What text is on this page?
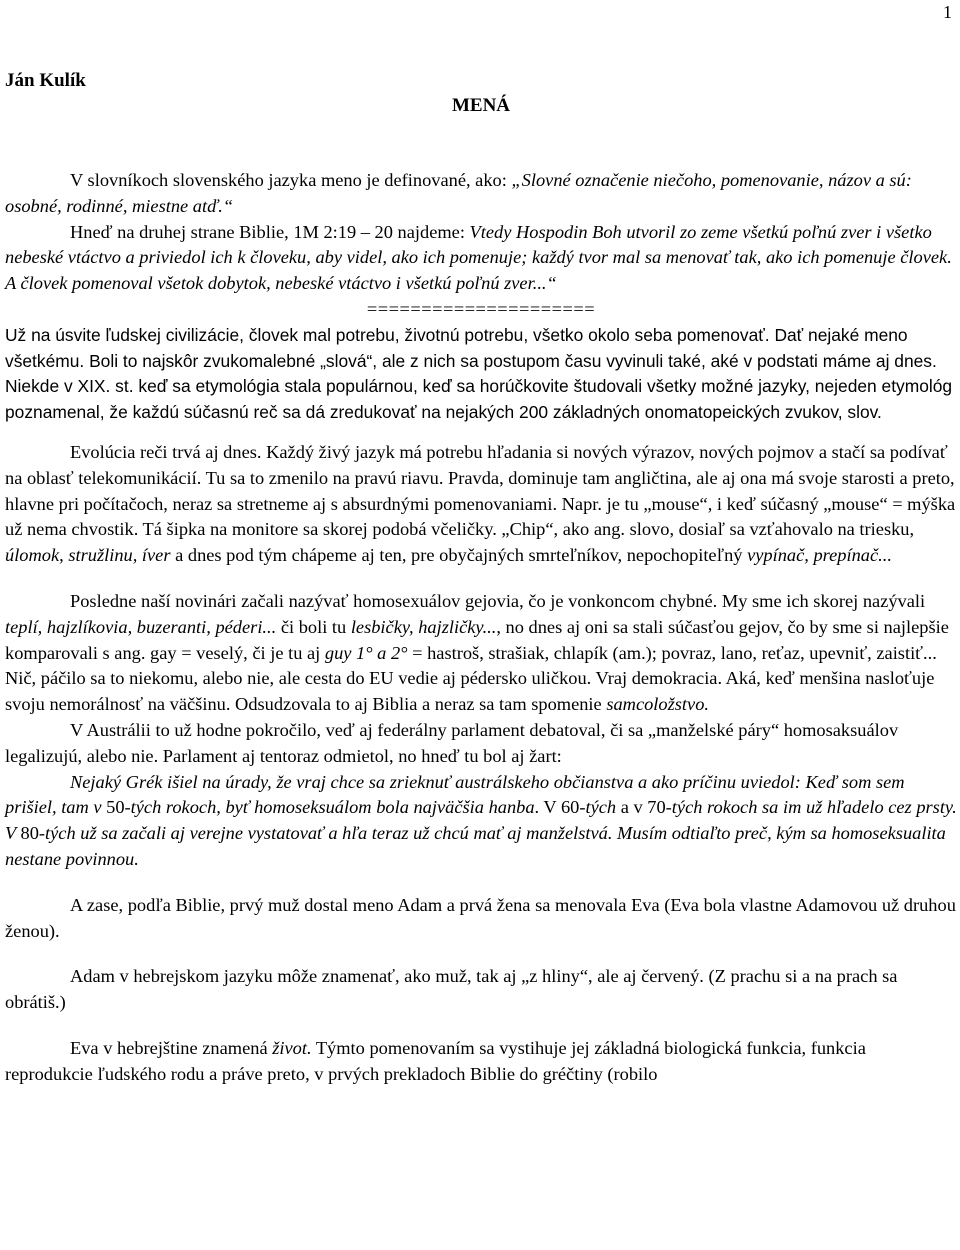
1
Ján Kulík
MENÁ

V slovníkoch slovenského jazyka meno je definované, ako: „Slovné označenie niečoho, pomenovanie, názov a sú: osobné, rodinné, miestne atď.“

Hneď na druhej strane Biblie, 1M 2:19 – 20 najdeme: Vtedy Hospodin Boh utvoril zo zeme všetkú poľnú zver i všetko nebeské vtáctvo a priviedol ich k človeku, aby videl, ako ich pomenuje; každý tvor mal sa menovať tak, ako ich pomenuje človek. A človek pomenoval všetok dobytok, nebeské vtáctvo i všetkú poľnú zver...“

=====================

Už na úsvite ľudskej civilizácie, človek mal potrebu, životnú potrebu, všetko okolo seba pomenovať. Dať nejaké meno všetkému. Boli to najskôr zvukomalebné „slová“, ale z nich sa postupom času vyvinuli také, aké v podstati máme aj dnes. Niekde v XIX. st. keď sa etymológia stala populárnou, keď sa horúčkovite študovali všetky možné jazyky, nejeden etymológ poznamenal, že každú súčasnú reč sa dá zredukovať na nejakých 200 základných onomatopeických zvukov, slov.

Evolúcia reči trvá aj dnes. Každý živý jazyk má potrebu hľadania si nových výrazov, nových pojmov a stačí sa podívať na oblasť telekomunikácií. Tu sa to zmenilo na pravú riavu. Pravda, dominuje tam angličtina, ale aj ona má svoje starosti a preto, hlavne pri počítačoch, neraz sa stretneme aj s absurdnými pomenovaniami. Napr. je tu „mouse“, i keď súčasný „mouse“ = mýška už nema chvostik. Tá šipka na monitore sa skorej podobá včeličky. „Chip“, ako ang. slovo, dosiaľ sa vzťahovalo na triesku, úlomok, stružlinu, íver a dnes pod tým chápeme aj ten, pre obyčajných smrteľníkov, nepochopiteľný vypínač, prepínač...

Posledne naší novinári začali nazývať homosexuálov gejovia, čo je vonkoncom chybné. My sme ich skorej nazývali teplí, hajzlíkovia, buzeranti, péderi... či boli tu lesbičky, hajzličky..., no dnes aj oni sa stali súčasťou gejov, čo by sme si najlepšie komparovali s ang. gay = veselý, či je tu aj guy 1° a 2° = hastroš, strašiak, chlapík (am.); povraz, lano, reťaz, upevniť, zaistiť... Nič, páčilo sa to niekomu, alebo nie, ale cesta do EU vedie aj pédersko uličkou. Vraj demokracia. Aká, keď menšina nasloťuje svoju nemorálnosť na väčšinu. Odsudzovala to aj Biblia a neraz sa tam spomenie samcoložstvo.

V Austrálii to už hodne pokročilo, veď aj federálny parlament debatoval, či sa „manželské páry“ homosaksuálov legalizujú, alebo nie. Parlament aj tentoraz odmietol, no hneď tu bol aj žart:

Nejaký Grék išiel na úrady, že vraj chce sa zrieknuť austrálskeho občianstva a ako príčinu uviedol: Keď som sem prišiel, tam v 50-tých rokoch, byť homoseksuálom bola najväčšia hanba. V 60-tých a v 70-tých rokoch sa im už hľadelo cez prsty. V 80-tých už sa začali aj verejne vystatovať a hľa teraz už chcú mať aj manželstvá. Musím odtiaľto preč, kým sa homoseksualita nestane povinnou.

A zase, podľa Biblie, prvý muž dostal meno Adam a prvá žena sa menovala Eva (Eva bola vlastne Adamovou už druhou ženou).

Adam v hebrejskom jazyku môže znamenať, ako muž, tak aj „z hliny“, ale aj červený. (Z prachu si a na prach sa obrátiš.)

Eva v hebrejštine znamená život. Týmto pomenovaním sa vystihuje jej základná biologická funkcia, funkcia reprodukcie ľudského rodu a práve preto, v prvých prekladoch Biblie do gréčtiny (robilo
